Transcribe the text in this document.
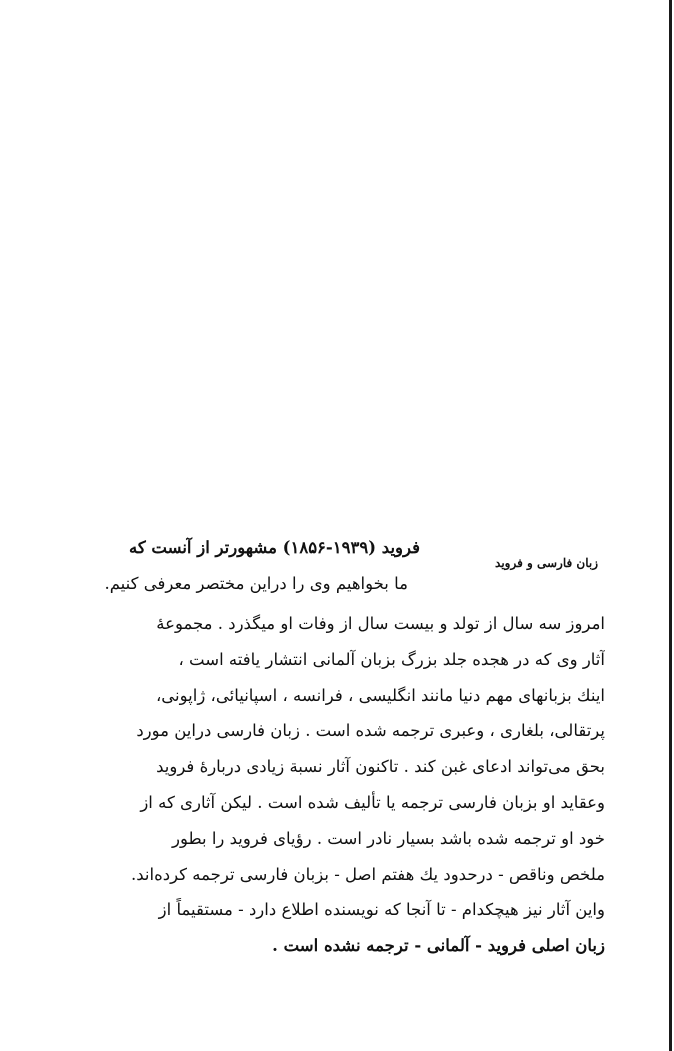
زبان فارسی و فروید
فروید (۱۹۳۹-۱۸۵۶) مشهورتر از آنست که
ما بخواهیم وی را دراین مختصر معرفی کنیم.
امروز سه سال از تولد و بیست سال از وفات او میگذرد . مجموعهٔ
آثار وی که در هجده جلد بزرگ بزبان آلمانی انتشار یافته است ،
اینك بزبانهای مهم دنیا مانند انگلیسی ، فرانسه ، اسپانیائی، ژاپونی،
پرتقالی، بلغاری ، وعبری ترجمه شده است . زبان فارسی دراین مورد
بحق می‌تواند ادعای غبن کند . تاکنون آثار نسبة زیادی دربارهٔ فروید
وعقاید او بزبان فارسی ترجمه یا تألیف شده است . لیکن آثاری که از
خود او ترجمه شده باشد بسیار نادر است . رؤیای فروید را بطور
ملخص وناقص - درحدود یك هفتم اصل - بزبان فارسی ترجمه کرده‌اند.
واین آثار نیز هیچکدام - تا آنجا که نویسنده اطلاع دارد - مستقیماً از
زبان اصلی فروید - آلمانی - ترجمه نشده است .
